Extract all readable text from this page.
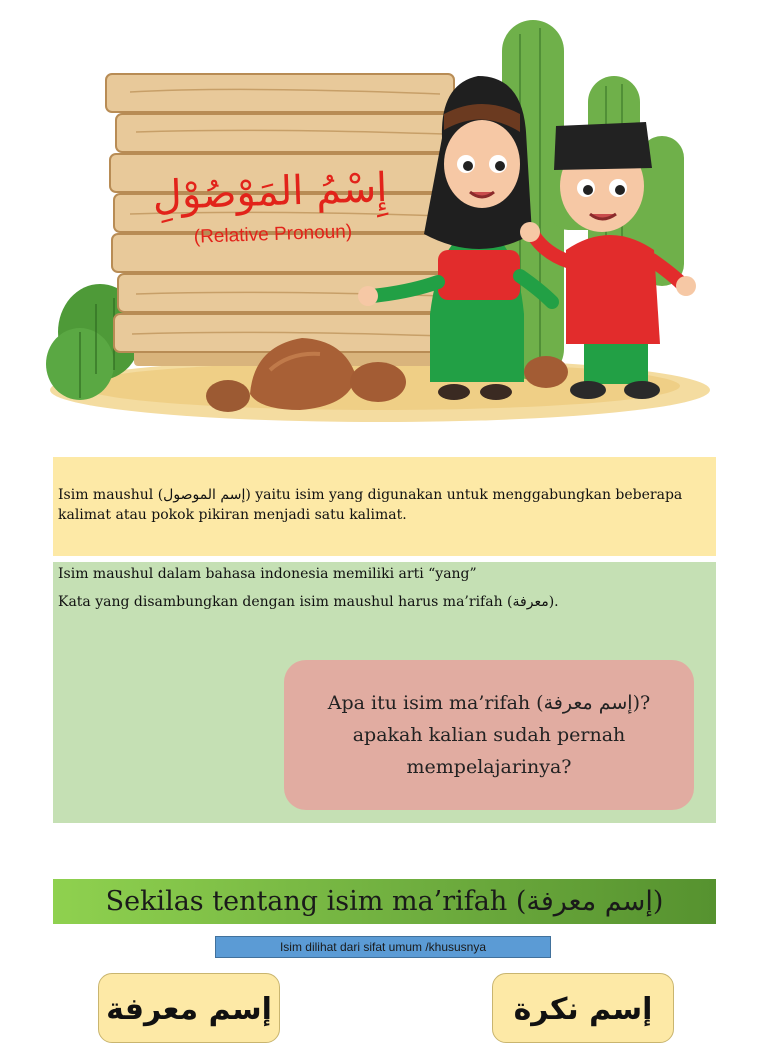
إِسْمُ المَوْصُوْلِ
(Relative Pronoun)
Isim maushul (إسم الموصول) yaitu isim yang digunakan untuk menggabungkan beberapa kalimat atau pokok pikiran menjadi satu kalimat.
Isim maushul dalam bahasa indonesia memiliki arti “yang”
Kata yang disambungkan dengan isim maushul harus ma’rifah (معرفة).
Apa itu isim ma’rifah (إسم معرفة)?
apakah kalian sudah pernah
mempelajarinya?
Sekilas tentang isim ma’rifah ( إسم معرفة )
Isim dilihat dari sifat umum /khususnya
إسم معرفة	إسم نكرة
